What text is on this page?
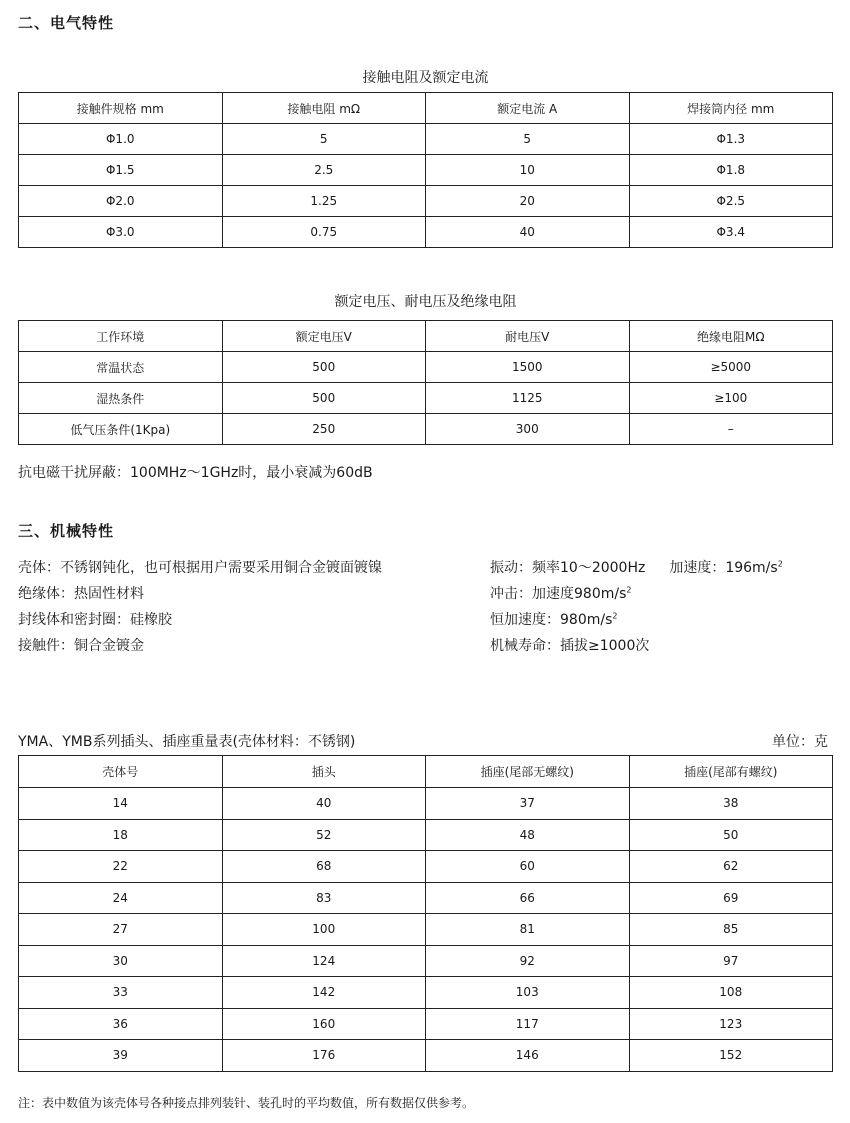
二、电气特性
接触电阻及额定电流
接触件规格 mm	接触电阻 mΩ	额定电流 A	焊接筒内径 mm
Φ1.0	5	5	Φ1.3
Φ1.5	2.5	10	Φ1.8
Φ2.0	1.25	20	Φ2.5
Φ3.0	0.75	40	Φ3.4
额定电压、耐电压及绝缘电阻
工作环境	额定电压V	耐电压V	绝缘电阻MΩ
常温状态	500	1500	≥5000
湿热条件	500	1125	≥100
低气压条件(1Kpa)	250	300	–
抗电磁干扰屏蔽：100MHz～1GHz时，最小衰减为60dB
三、机械特性
壳体：不锈钢钝化，也可根据用户需要采用铜合金镀面镀镍
绝缘体：热固性材料
封线体和密封圈：硅橡胶
接触件：铜合金镀金
振动：频率10～2000Hz 加速度：$196m/s^2$
冲击：加速度$980m/s^2$
恒加速度：$980m/s^2$
机械寿命：插拔≥1000次
YMA、YMB系列插头、插座重量表(壳体材料：不锈钢)	单位：克
壳体号	插头	插座(尾部无螺纹)	插座(尾部有螺纹)
14	40	37	38
18	52	48	50
22	68	60	62
24	83	66	69
27	100	81	85
30	124	92	97
33	142	103	108
36	160	117	123
39	176	146	152
注：表中数值为该壳体号各种接点排列装针、装孔时的平均数值，所有数据仅供参考。
